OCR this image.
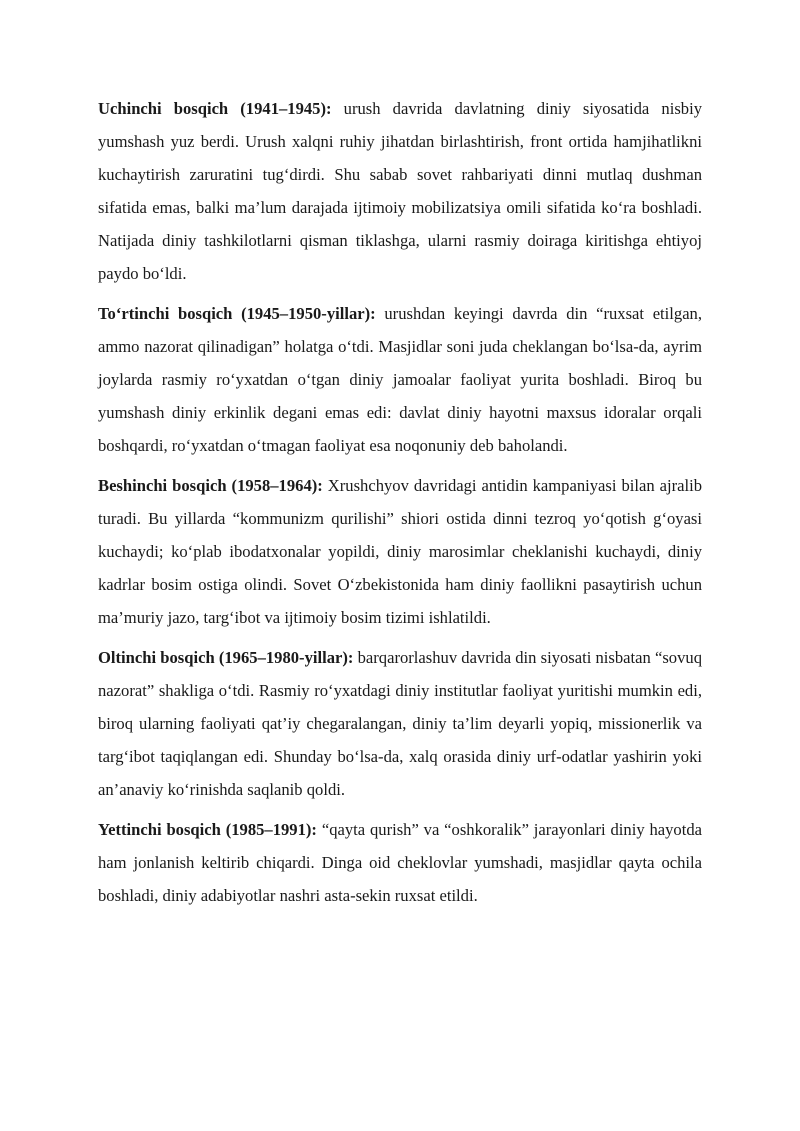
Uchinchi bosqich (1941–1945): urush davrida davlatning diniy siyosatida nisbiy yumshash yuz berdi. Urush xalqni ruhiy jihatdan birlashtirish, front ortida hamjihatlikni kuchaytirish zaruratini tug‘dirdi. Shu sabab sovet rahbariyati dinni mutlaq dushman sifatida emas, balki ma’lum darajada ijtimoiy mobilizatsiya omili sifatida ko‘ra boshladi. Natijada diniy tashkilotlarni qisman tiklashga, ularni rasmiy doiraga kiritishga ehtiyoj paydo bo‘ldi.

To‘rtinchi bosqich (1945–1950-yillar): urushdan keyingi davrda din “ruxsat etilgan, ammo nazorat qilinadigan” holatga o‘tdi. Masjidlar soni juda cheklangan bo‘lsa-da, ayrim joylarda rasmiy ro‘yxatdan o‘tgan diniy jamoalar faoliyat yurita boshladi. Biroq bu yumshash diniy erkinlik degani emas edi: davlat diniy hayotni maxsus idoralar orqali boshqardi, ro‘yxatdan o‘tmagan faoliyat esa noqonuniy deb baholandi.

Beshinchi bosqich (1958–1964): Xrushchyov davridagi antidin kampaniyasi bilan ajralib turadi. Bu yillarda “kommunizm qurilishi” shiori ostida dinni tezroq yo‘qotish g‘oyasi kuchaydi; ko‘plab ibodatxonalar yopildi, diniy marosimlar cheklanishi kuchaydi, diniy kadrlar bosim ostiga olindi. Sovet O‘zbekistonida ham diniy faollikni pasaytirish uchun ma’muriy jazo, targ‘ibot va ijtimoiy bosim tizimi ishlatildi.

Oltinchi bosqich (1965–1980-yillar): barqarorlashuv davrida din siyosati nisbatan “sovuq nazorat” shakliga o‘tdi. Rasmiy ro‘yxatdagi diniy institutlar faoliyat yuritishi mumkin edi, biroq ularning faoliyati qat’iy chegaralangan, diniy ta’lim deyarli yopiq, missionerlik va targ‘ibot taqiqlangan edi. Shunday bo‘lsa-da, xalq orasida diniy urf-odatlar yashirin yoki an’anaviy ko‘rinishda saqlanib qoldi.

Yettinchi bosqich (1985–1991): “qayta qurish” va “oshkoralik” jarayonlari diniy hayotda ham jonlanish keltirib chiqardi. Dinga oid cheklovlar yumshadi, masjidlar qayta ochila boshladi, diniy adabiyotlar nashri asta-sekin ruxsat etildi.
